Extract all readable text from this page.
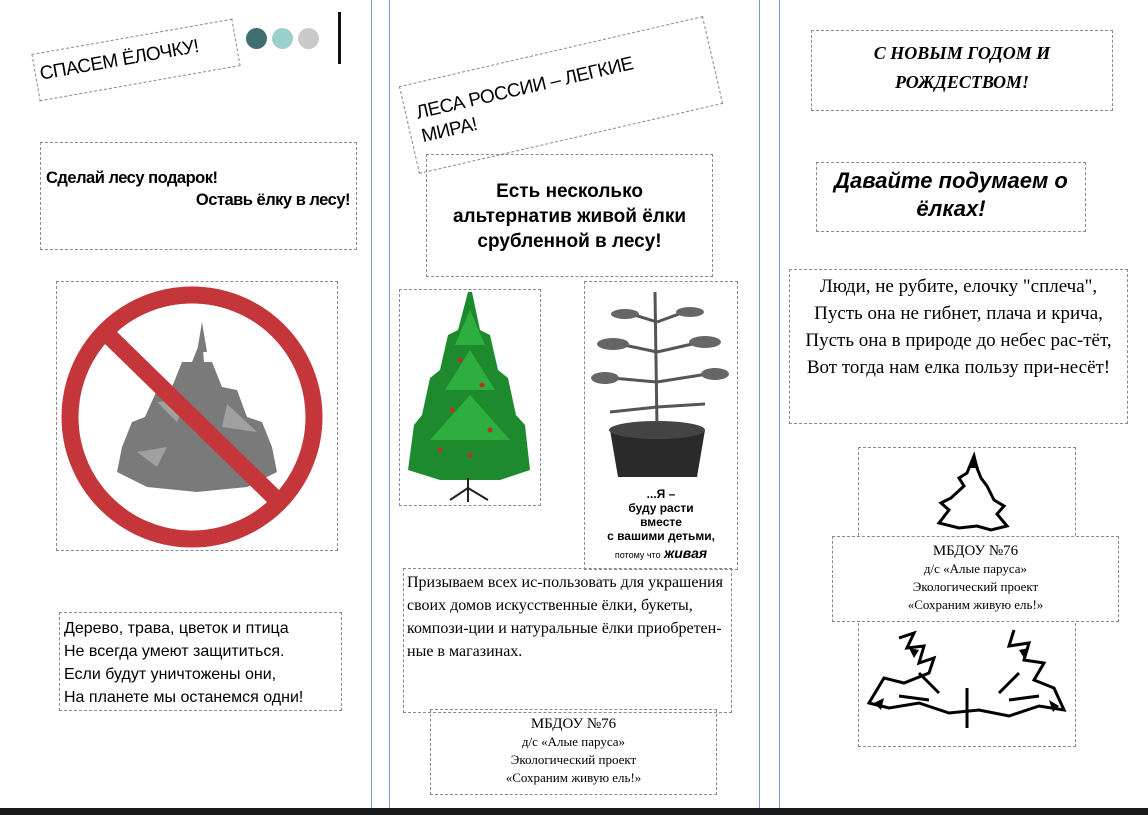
СПАСЕМ ЁЛОЧКУ!
Сделай лесу подарок!
Оставь ёлку в лесу!
Дерево, трава, цветок и птица
Не всегда умеют защититься.
Если будут уничтожены они,
На планете мы останемся одни!
ЛЕСА РОССИИ – ЛЕГКИЕ МИРА!
Есть несколько альтернатив живой ёлки срубленной в лесу!
...Я –
буду расти
вместе
с вашими детьми,
потому что живая
Призываем всех ис-пользовать для украшения своих домов искусственные ёлки, букеты, компози-ции и натуральные ёлки приобретен-ные в магазинах.
МБДОУ №76
д/с «Алые паруса»
Экологический проект
«Сохраним живую ель!»
С НОВЫМ ГОДОМ И
РОЖДЕСТВОМ!
Давайте подумаем о ёлках!
Люди, не рубите, елочку "сплеча", Пусть она не гибнет, плача и крича, Пусть она в природе до небес рас-тёт, Вот тогда нам елка пользу при-несёт!
МБДОУ №76
д/с «Алые паруса»
Экологический проект
«Сохраним живую ель!»
